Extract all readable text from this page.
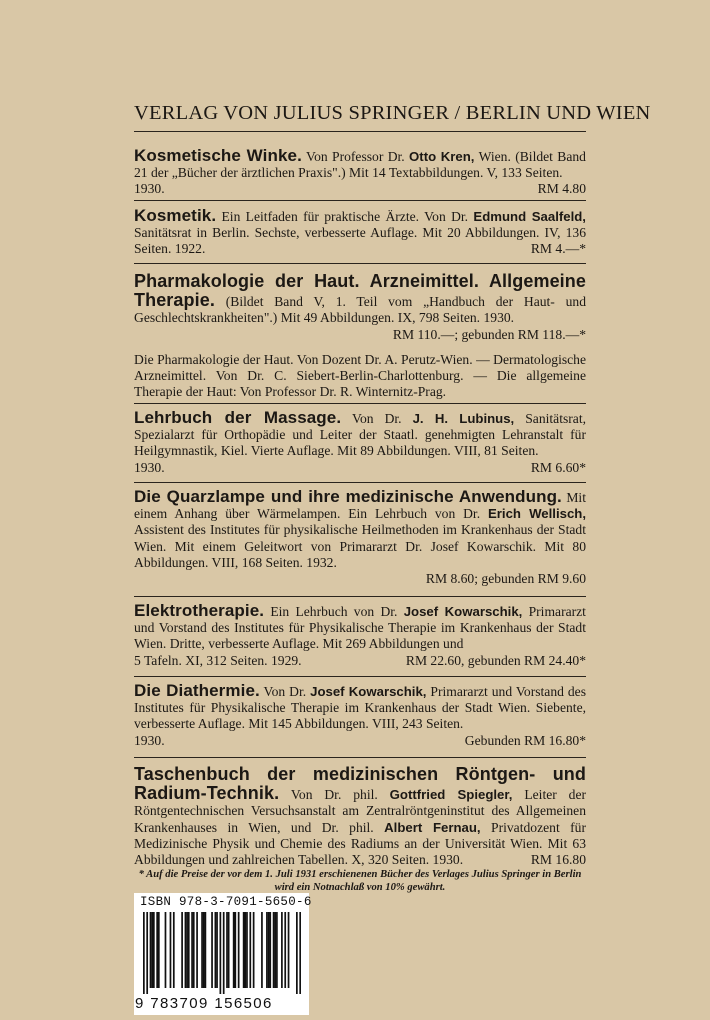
VERLAG VON JULIUS SPRINGER / BERLIN UND WIEN
Kosmetische Winke. Von Professor Dr. Otto Kren, Wien. (Bildet Band 21 der „Bücher der ärztlichen Praxis".) Mit 14 Textabbildungen. V, 133 Seiten.
1930.	RM 4.80
Kosmetik. Ein Leitfaden für praktische Ärzte. Von Dr. Edmund Saalfeld, Sanitätsrat in Berlin. Sechste, verbesserte Auflage. Mit 20 Abbildungen. IV, 136 Seiten. 1922.	RM 4.—*
Pharmakologie der Haut. Arzneimittel. Allgemeine Therapie. (Bildet Band V, 1. Teil vom „Handbuch der Haut- und Geschlechtskrankheiten".) Mit 49 Abbildungen. IX, 798 Seiten. 1930.
RM 110.—; gebunden RM 118.—*
Die Pharmakologie der Haut. Von Dozent Dr. A. Perutz-Wien. — Dermatologische Arzneimittel. Von Dr. C. Siebert-Berlin-Charlottenburg. — Die allgemeine Therapie der Haut: Von Professor Dr. R. Winternitz-Prag.
Lehrbuch der Massage. Von Dr. J. H. Lubinus, Sanitätsrat, Spezialarzt für Orthopädie und Leiter der Staatl. genehmigten Lehranstalt für Heilgymnastik, Kiel. Vierte Auflage. Mit 89 Abbildungen. VIII, 81 Seiten.
1930.	RM 6.60*
Die Quarzlampe und ihre medizinische Anwendung. Mit einem Anhang über Wärmelampen. Ein Lehrbuch von Dr. Erich Wellisch, Assistent des Institutes für physikalische Heilmethoden im Krankenhaus der Stadt Wien. Mit einem Geleitwort von Primararzt Dr. Josef Kowarschik. Mit 80 Abbildungen. VIII, 168 Seiten. 1932.
RM 8.60; gebunden RM 9.60
Elektrotherapie. Ein Lehrbuch von Dr. Josef Kowarschik, Primararzt und Vorstand des Institutes für Physikalische Therapie im Krankenhaus der Stadt Wien. Dritte, verbesserte Auflage. Mit 269 Abbildungen und
5 Tafeln. XI, 312 Seiten. 1929.	RM 22.60, gebunden RM 24.40*
Die Diathermie. Von Dr. Josef Kowarschik, Primararzt und Vorstand des Institutes für Physikalische Therapie im Krankenhaus der Stadt Wien. Siebente, verbesserte Auflage. Mit 145 Abbildungen. VIII, 243 Seiten.
1930.	Gebunden RM 16.80*
Taschenbuch der medizinischen Röntgen- und Radium-Technik. Von Dr. phil. Gottfried Spiegler, Leiter der Röntgentechnischen Versuchsanstalt am Zentralröntgeninstitut des Allgemeinen Krankenhauses in Wien, und Dr. phil. Albert Fernau, Privatdozent für Medizinische Physik und Chemie des Radiums an der Universität Wien. Mit 63 Abbildungen und zahlreichen Tabellen. X, 320 Seiten. 1930.	RM 16.80
* Auf die Preise der vor dem 1. Juli 1931 erschienenen Bücher des Verlages Julius Springer in Berlin wird ein Notnachlaß von 10% gewährt.
ISBN 978-3-7091-5650-6
9 783709 156506
